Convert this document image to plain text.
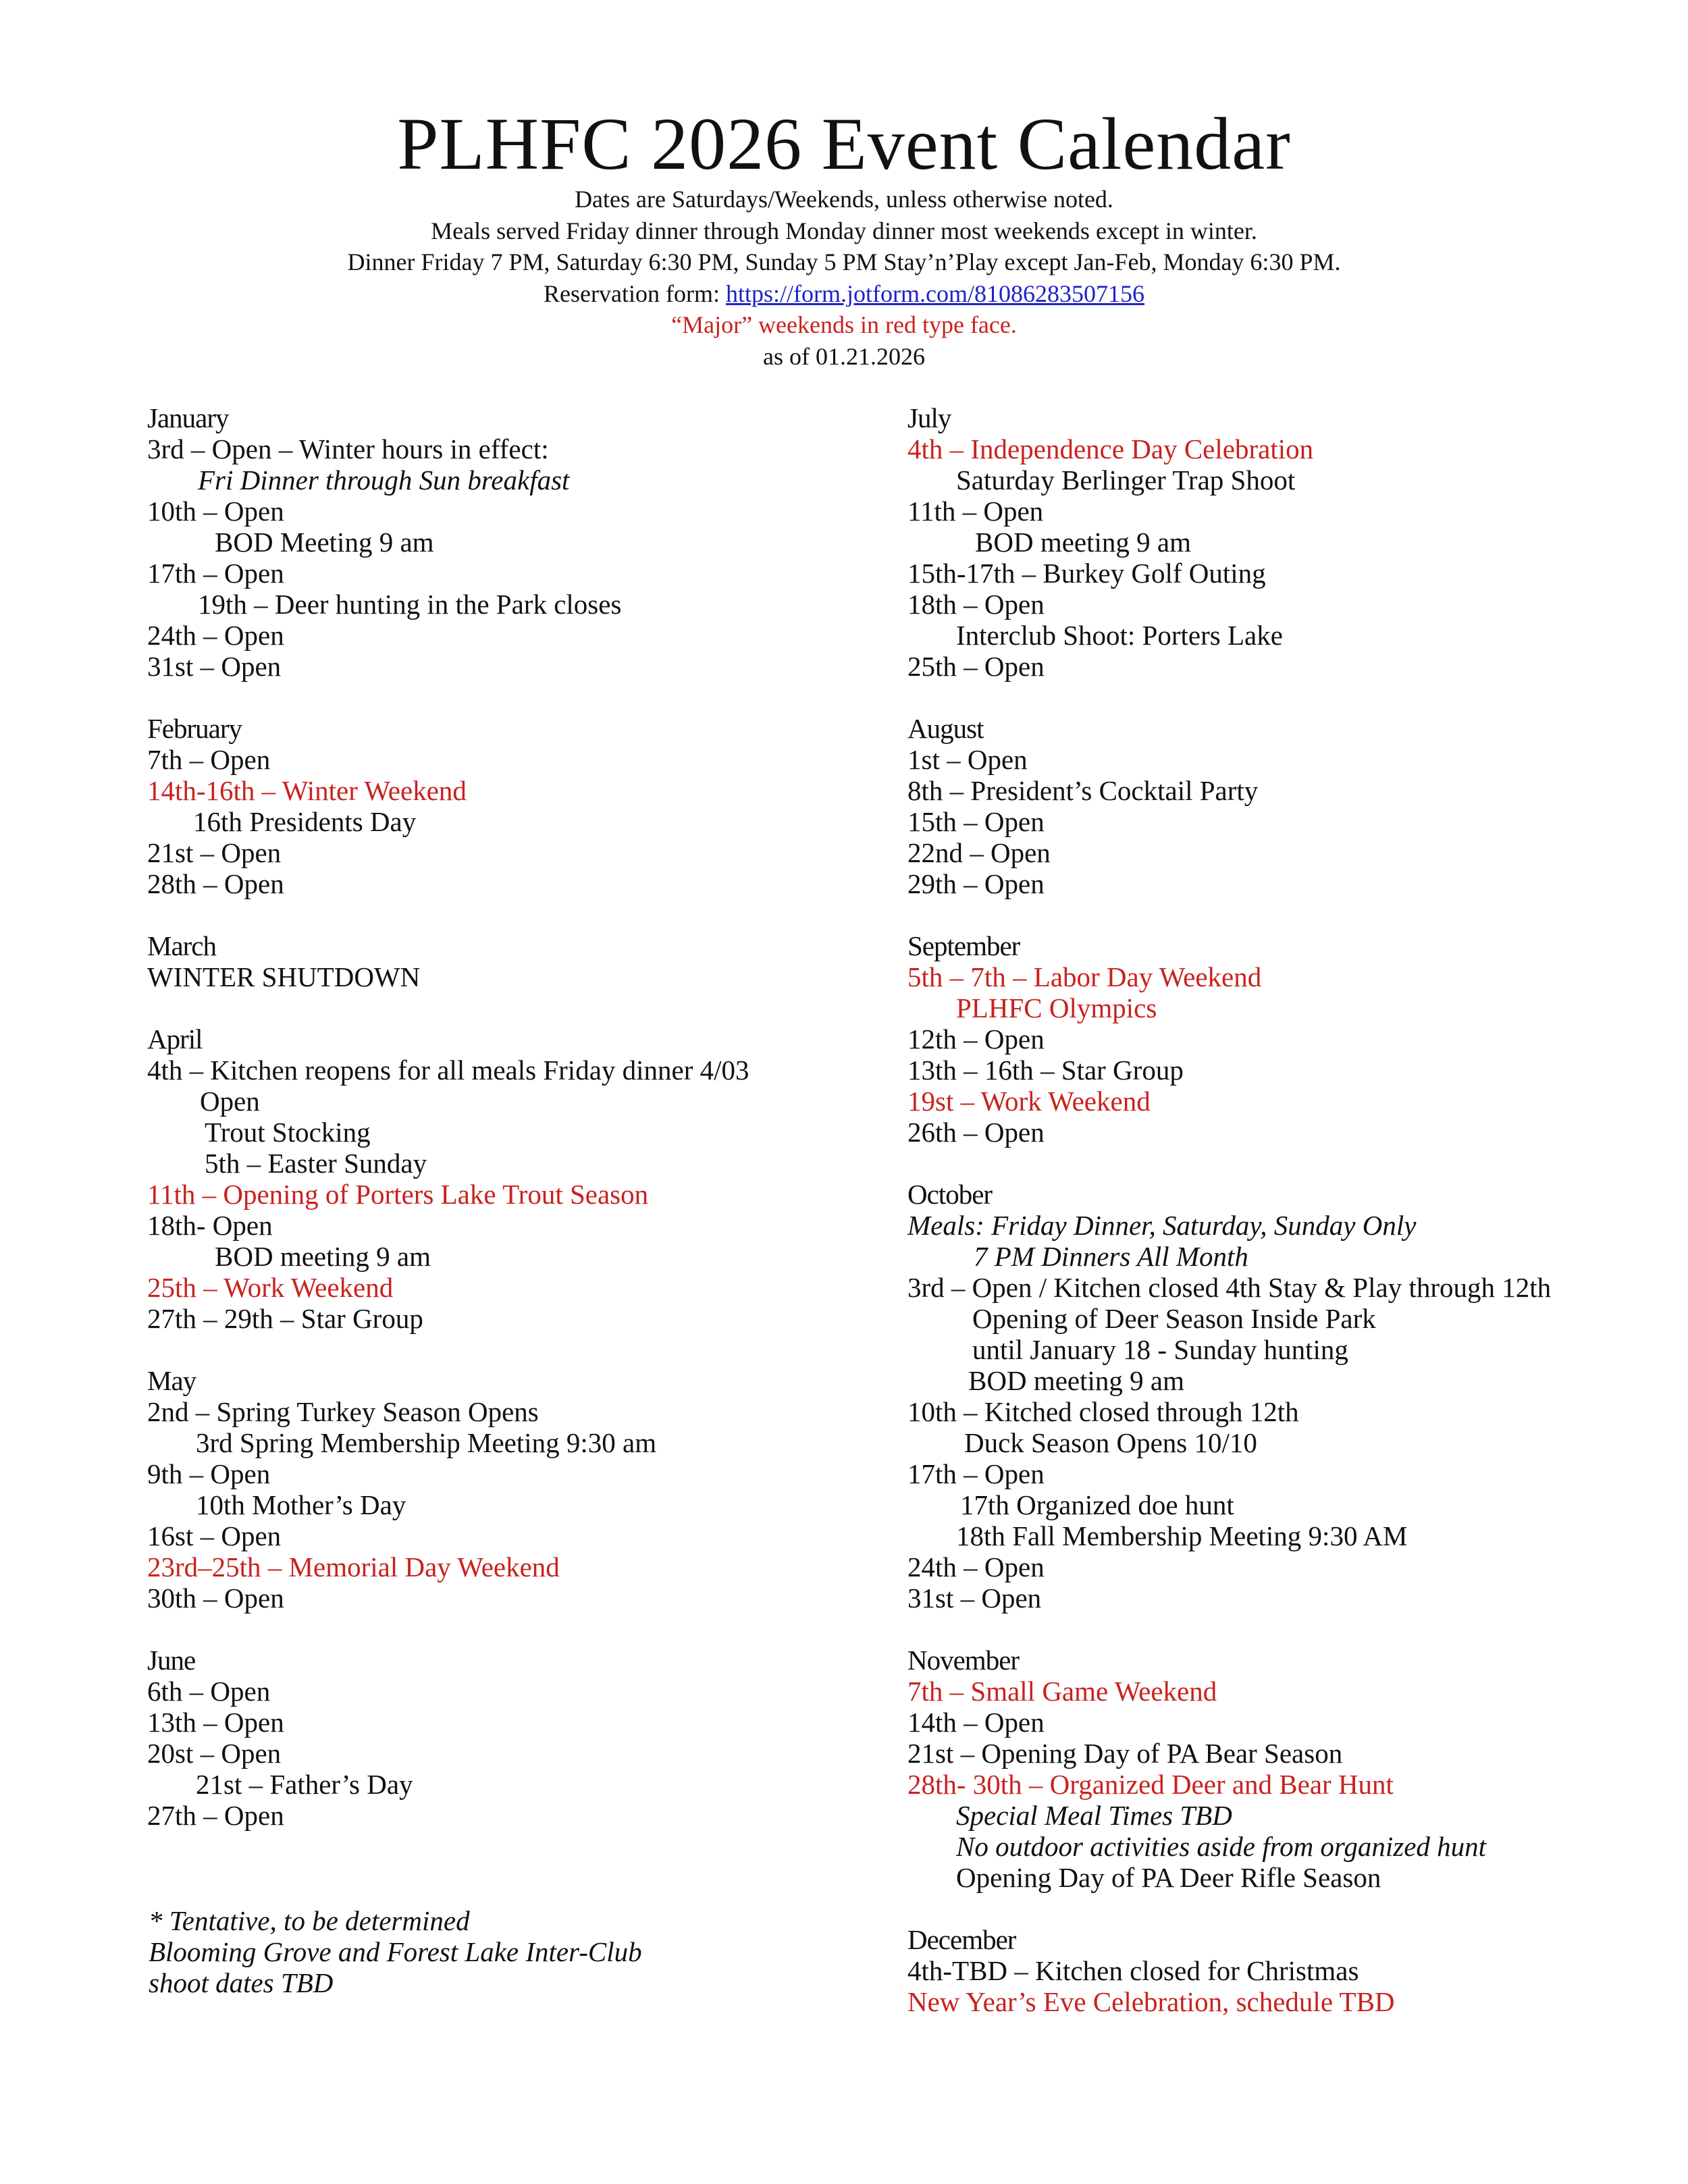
PLHFC 2026 Event Calendar
Dates are Saturdays/Weekends, unless otherwise noted.
Meals served Friday dinner through Monday dinner most weekends except in winter.
Dinner Friday 7 PM, Saturday 6:30 PM, Sunday 5 PM Stay’n’Play except Jan-Feb, Monday 6:30 PM.
Reservation form: https://form.jotform.com/81086283507156
“Major” weekends in red type face.
as of 01.21.2026
January
3rd – Open – Winter hours in effect:
Fri Dinner through Sun breakfast
10th – Open
BOD Meeting 9 am
17th – Open
19th – Deer hunting in the Park closes
24th – Open
31st – Open
February
7th – Open
14th-16th – Winter Weekend
16th Presidents Day
21st – Open
28th – Open
March
WINTER SHUTDOWN
April
4th – Kitchen reopens for all meals Friday dinner 4/03
Open
Trout Stocking
5th – Easter Sunday
11th – Opening of Porters Lake Trout Season
18th- Open
BOD meeting 9 am
25th – Work Weekend
27th – 29th – Star Group
May
2nd – Spring Turkey Season Opens
3rd Spring Membership Meeting 9:30 am
9th – Open
10th Mother’s Day
16st – Open
23rd–25th – Memorial Day Weekend
30th – Open
June
6th – Open
13th – Open
20st – Open
21st – Father’s Day
27th – Open
July
4th – Independence Day Celebration
Saturday Berlinger Trap Shoot
11th – Open
BOD meeting 9 am
15th-17th – Burkey Golf Outing
18th – Open
Interclub Shoot: Porters Lake
25th – Open
August
1st – Open
8th – President’s Cocktail Party
15th – Open
22nd – Open
29th – Open
September
5th – 7th – Labor Day Weekend
PLHFC Olympics
12th – Open
13th – 16th – Star Group
19st – Work Weekend
26th – Open
October
Meals: Friday Dinner, Saturday, Sunday Only
7 PM Dinners All Month
3rd – Open / Kitchen closed 4th Stay & Play through 12th
Opening of Deer Season Inside Park
until January 18 - Sunday hunting
BOD meeting 9 am
10th – Kitched closed through 12th
Duck Season Opens 10/10
17th – Open
17th Organized doe hunt
18th Fall Membership Meeting 9:30 AM
24th – Open
31st – Open
November
7th – Small Game Weekend
14th – Open
21st – Opening Day of PA Bear Season
28th- 30th – Organized Deer and Bear Hunt
Special Meal Times TBD
No outdoor activities aside from organized hunt
Opening Day of PA Deer Rifle Season
December
4th-TBD – Kitchen closed for Christmas
New Year’s Eve Celebration, schedule TBD
* Tentative, to be determined
Blooming Grove and Forest Lake Inter-Club
shoot dates TBD
